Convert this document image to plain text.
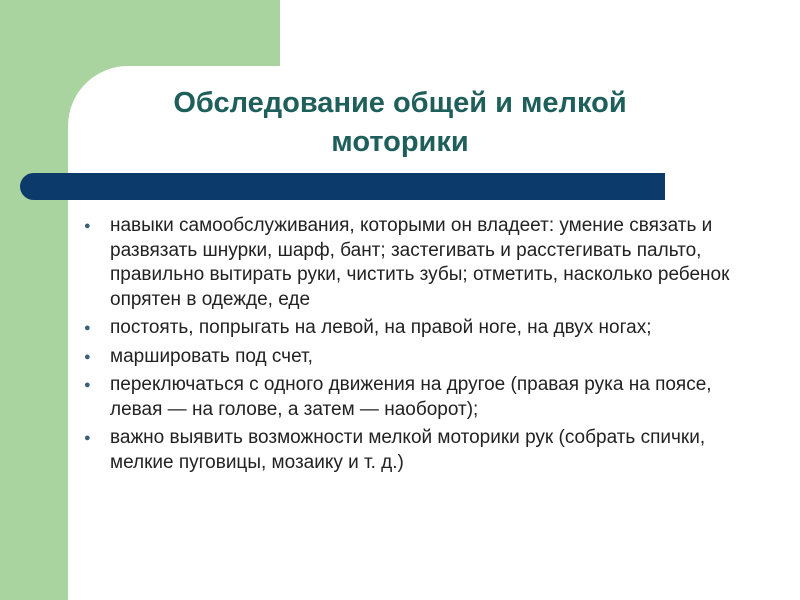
Обследование общей и мелкой
моторики
● навыки самообслуживания, которыми он владеет: умение связать и развязать шнурки, шарф, бант; застегивать и расстегивать пальто, правильно вытирать руки, чистить зубы; отметить, насколько ребенок опрятен в одежде, еде
● постоять, попрыгать на левой, на правой ноге, на двух ногах;
● маршировать под счет,
● переключаться с одного движения на другое (правая рука на поясе, левая — на голове, а затем — наоборот);
● важно выявить возможности мелкой моторики рук (собрать спички, мелкие пуговицы, мозаику и т. д.)
